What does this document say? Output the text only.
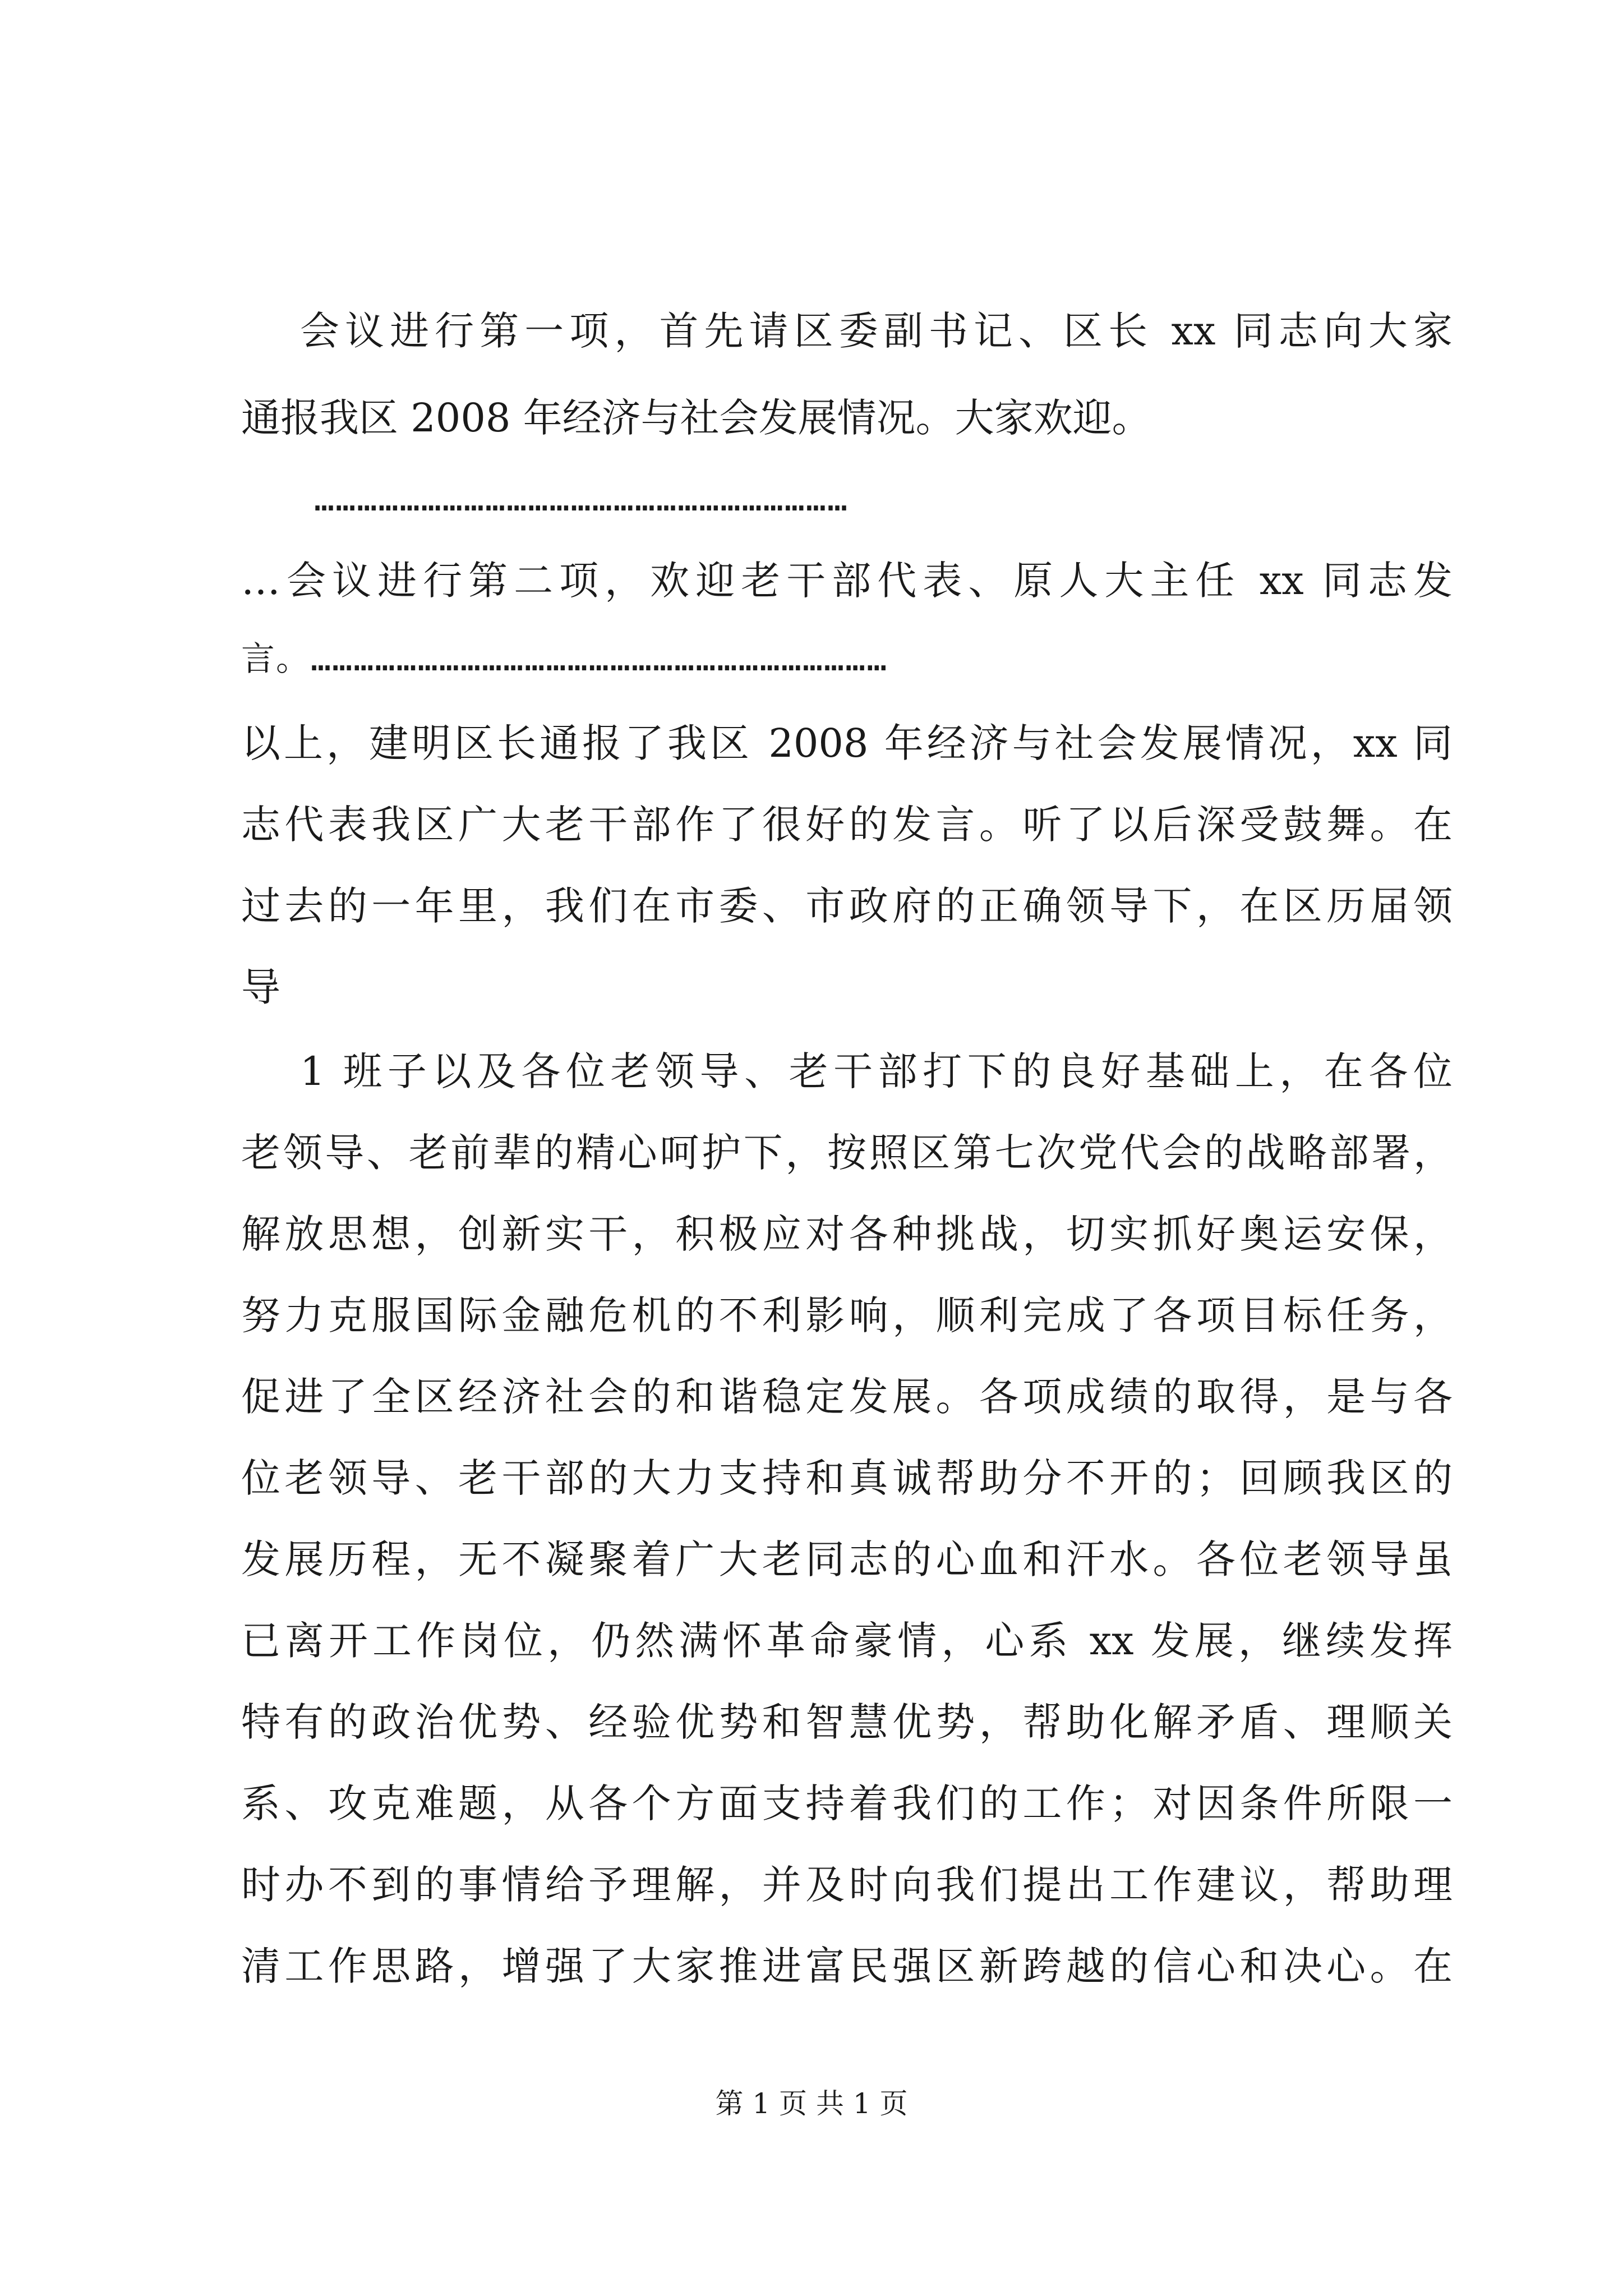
会议进行第一项，首先请区委副书记、区长 xx 同志向大家
通报我区 2008 年经济与社会发展情况。大家欢迎。
…………………………………………………………………
…会议进行第二项，欢迎老干部代表、原人大主任 xx 同志发
言。………………………………………………………………………
以上，建明区长通报了我区 2008 年经济与社会发展情况，xx 同
志代表我区广大老干部作了很好的发言。听了以后深受鼓舞。在
过去的一年里，我们在市委、市政府的正确领导下，在区历届领
导
1 班子以及各位老领导、老干部打下的良好基础上，在各位
老领导、老前辈的精心呵护下，按照区第七次党代会的战略部署，
解放思想，创新实干，积极应对各种挑战，切实抓好奥运安保，
努力克服国际金融危机的不利影响，顺利完成了各项目标任务，
促进了全区经济社会的和谐稳定发展。各项成绩的取得，是与各
位老领导、老干部的大力支持和真诚帮助分不开的；回顾我区的
发展历程，无不凝聚着广大老同志的心血和汗水。各位老领导虽
已离开工作岗位，仍然满怀革命豪情，心系 xx 发展，继续发挥
特有的政治优势、经验优势和智慧优势，帮助化解矛盾、理顺关
系、攻克难题，从各个方面支持着我们的工作；对因条件所限一
时办不到的事情给予理解，并及时向我们提出工作建议，帮助理
清工作思路，增强了大家推进富民强区新跨越的信心和决心。在
第 1 页 共 1 页
